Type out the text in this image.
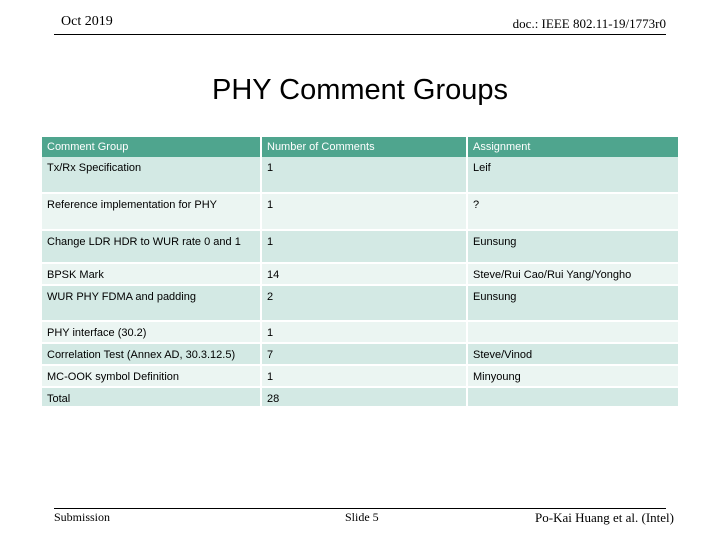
Oct 2019	doc.: IEEE 802.11-19/1773r0
PHY Comment Groups
Comment Group	Number of Comments	Assignment
Tx/Rx Specification	1	Leif
Reference implementation for PHY	1	?
Change LDR HDR to WUR rate 0 and 1	1	Eunsung
BPSK Mark	14	Steve/Rui Cao/Rui Yang/Yongho
WUR PHY FDMA and padding	2	Eunsung
PHY interface (30.2)	1	
Correlation Test (Annex AD, 30.3.12.5)	7	Steve/Vinod
MC-OOK symbol Definition	1	Minyoung
Total	28	
Submission	Slide 5	Po-Kai Huang et al. (Intel)
